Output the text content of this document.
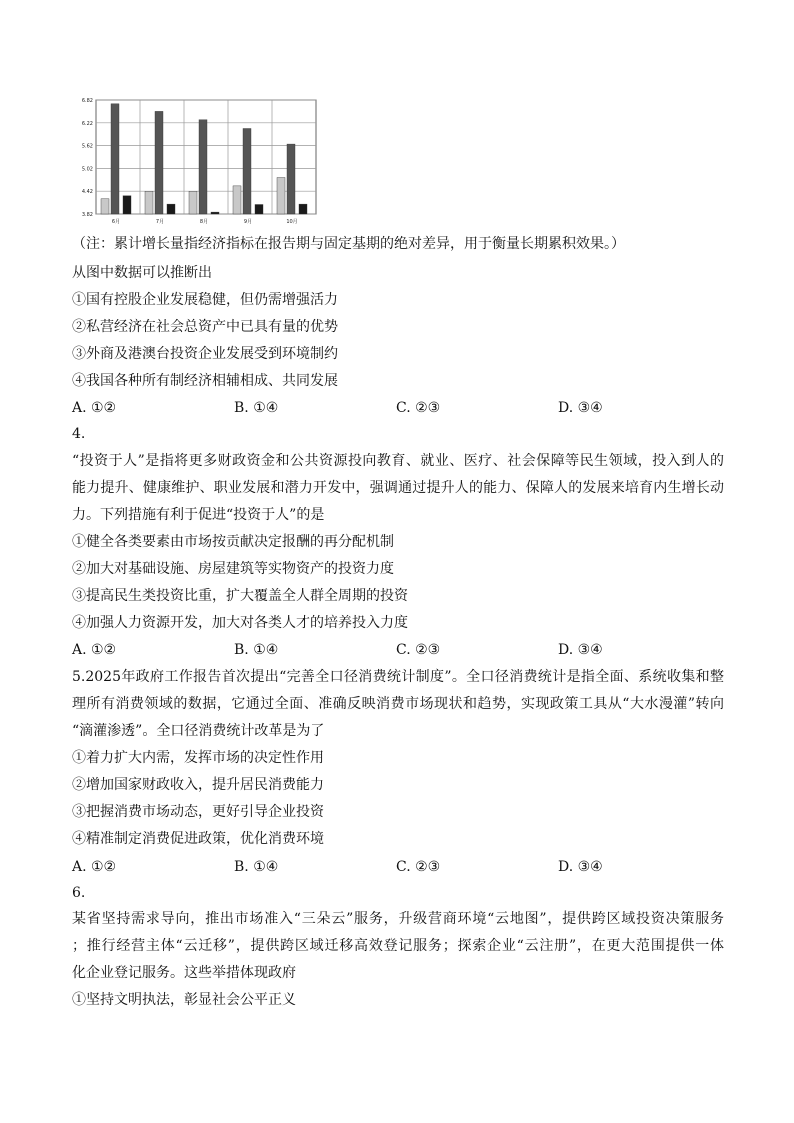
6.82
6.22
5.62
5.02
4.42
3.82
6月	7月	8月	9月	10月
（注：累计增长量指经济指标在报告期与固定基期的绝对差异，用于衡量长期累积效果。）
从图中数据可以推断出
①国有控股企业发展稳健，但仍需增强活力
②私营经济在社会总资产中已具有量的优势
③外商及港澳台投资企业发展受到环境制约
④我国各种所有制经济相辅相成、共同发展
A. ①②	B. ①④	C. ②③	D. ③④
4.
“投资于人”是指将更多财政资金和公共资源投向教育、就业、医疗、社会保障等民生领域，投入到人的
能力提升、健康维护、职业发展和潜力开发中，强调通过提升人的能力、保障人的发展来培育内生增长动
力。下列措施有利于促进“投资于人”的是
①健全各类要素由市场按贡献决定报酬的再分配机制
②加大对基础设施、房屋建筑等实物资产的投资力度
③提高民生类投资比重，扩大覆盖全人群全周期的投资
④加强人力资源开发，加大对各类人才的培养投入力度
A. ①②	B. ①④	C. ②③	D. ③④
5.2025年政府工作报告首次提出“完善全口径消费统计制度”。全口径消费统计是指全面、系统收集和整
理所有消费领域的数据，它通过全面、准确反映消费市场现状和趋势，实现政策工具从“大水漫灌”转向
“滴灌渗透”。全口径消费统计改革是为了
①着力扩大内需，发挥市场的决定性作用
②增加国家财政收入，提升居民消费能力
③把握消费市场动态，更好引导企业投资
④精准制定消费促进政策，优化消费环境
A. ①②	B. ①④	C. ②③	D. ③④
6.
某省坚持需求导向，推出市场准入“三朵云”服务，升级营商环境“云地图”，提供跨区域投资决策服务
；推行经营主体“云迁移”，提供跨区域迁移高效登记服务；探索企业“云注册”，在更大范围提供一体
化企业登记服务。这些举措体现政府
①坚持文明执法，彰显社会公平正义
